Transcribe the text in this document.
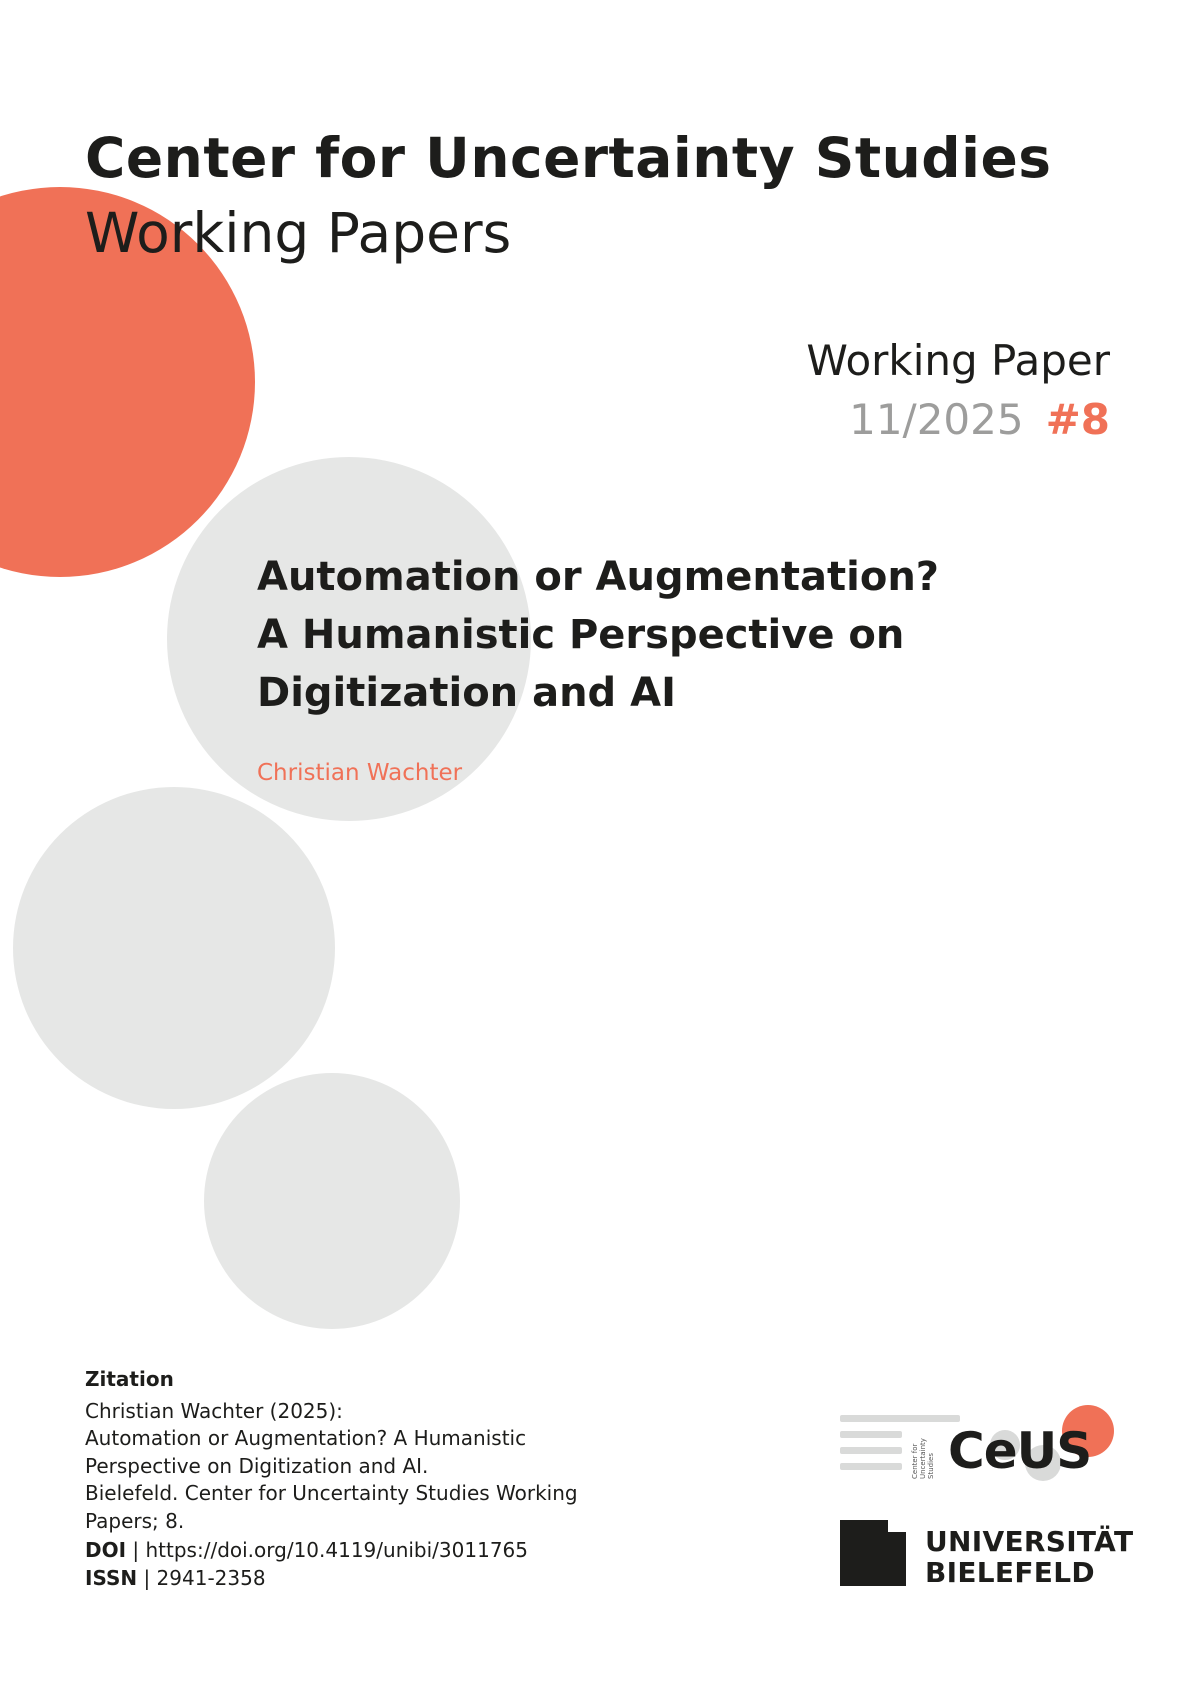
Center for Uncertainty Studies
Working Papers
Working Paper
11/2025 #8
Automation or Augmentation?
A Humanistic Perspective on
Digitization and AI
Christian Wachter
Zitation
Christian Wachter (2025):
Automation or Augmentation? A Humanistic
Perspective on Digitization and AI.
Bielefeld. Center for Uncertainty Studies Working
Papers; 8.
DOI | https://doi.org/10.4119/unibi/3011765
ISSN | 2941-2358
Center for Uncertainty Studies CeUS
UNIVERSITÄT
BIELEFELD
